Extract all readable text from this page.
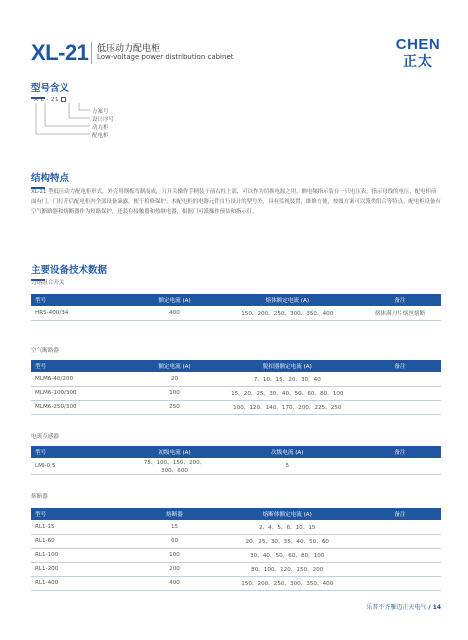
XL-21 低压动力配电柜
Low-voltage power distribution cabinet
CHEN
正太
型号含义
X L - 21
方案号
设计序号
动力柜
配电柜
结构特点
XL-21 型低压动力配电柜形式，外壳用钢板弯制而成，刀开关操作手柄装于前右柱上部，可以作为切换电源之用，额电频指示装在一只电压表，指示母线的电压，配电柜前面有门，门打开后配电柜内全部设备暴露，便于检修保护；本配电柜的电器元件自行设计的型号外，具有监视装置，维修方便，按图方案可以派类组合等特点。配电柜设备有空气断路器和熔断器作为短路保护，还装有接触器和热继电器，根据门可派操作预估和指示灯。
主要设备技术数据
刀熔组合开关
型号	额定电流 (A)	熔体额定电流 (A)	备注
HR5-400/34	400	150、200、250、300、350、400	熔体满刀片熔丝熔断
空气断路器
型号	额定电流 (A)	脱扣器额定电流 (A)	备注
MLM6-40/200	20	7、10、15、20、30、40	
MLM6-100/300	100	15、20、25、30、40、50、60、80、100	
MLM6-250/300	250	100、120、140、170、200、225、250	
电流互感器
型号	初级电流 (A)	次级电流 (A)	备注
LMI-0.5	75、100、150、200、300、600	5	
熔断器
型号	熔断器	熔断体额定电流 (A)	备注
RL1-15	15	2、4、5、6、10、15	
RL1-60	60	20、25、30、35、40、50、60	
RL1-100	100	30、40、50、60、80、100	
RL1-200	200	80、100、120、150、200	
RL1-400	400	150、200、250、300、350、400	
乐普不齐雁迈正天电气 / 14
